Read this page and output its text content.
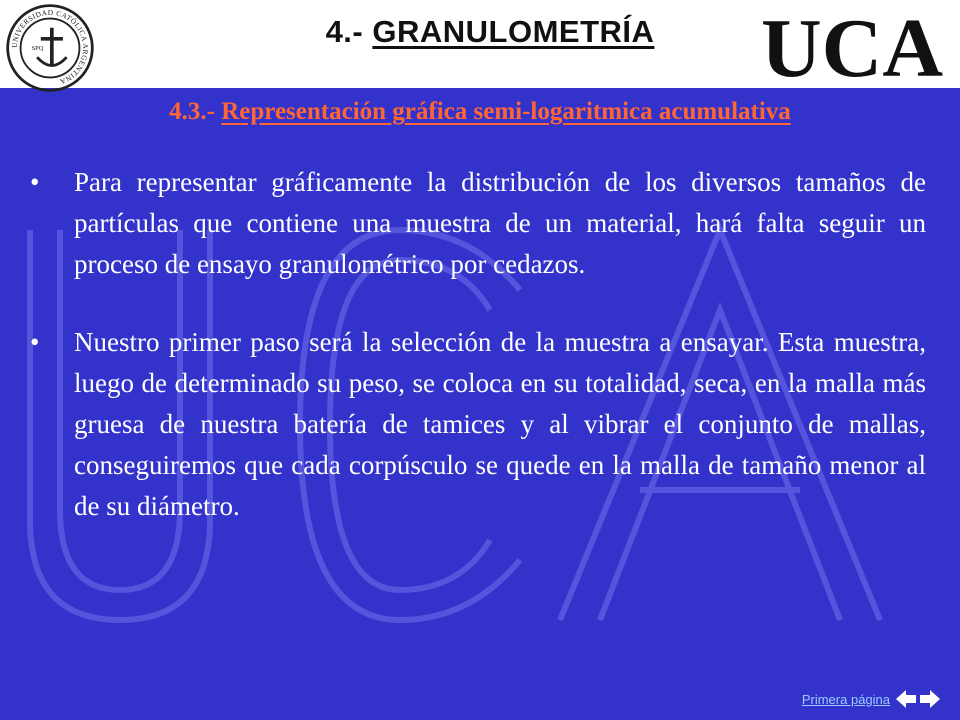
UNIVERSIDAD CATÓLICA ARGENTINA
SPQ	4.- GRANULOMETRÍA	UCA
4.3.- Representación gráfica semi-logaritmica acumulativa
•	Para representar gráficamente la distribución de los diversos tamaños de partículas que contiene una muestra de un material, hará falta seguir un proceso de ensayo granulométrico por cedazos.
•	Nuestro primer paso será la selección de la muestra a ensayar. Esta muestra, luego de determinado su peso, se coloca en su totalidad, seca, en la malla más gruesa de nuestra batería de tamices y al vibrar el conjunto de mallas, conseguiremos que cada corpúsculo se quede en la malla de tamaño menor al de su diámetro.
Primera página
